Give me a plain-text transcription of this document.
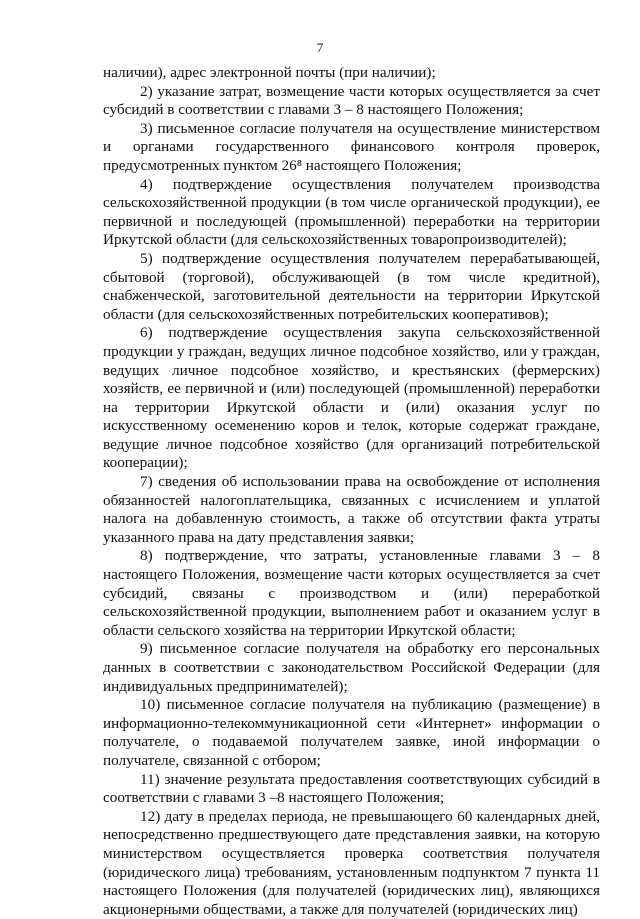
7

наличии), адрес электронной почты (при наличии);

2) указание затрат, возмещение части которых осуществляется за счет субсидий в соответствии с главами 3 – 8 настоящего Положения;

3) письменное согласие получателя на осуществление министерством и органами государственного финансового контроля проверок, предусмотренных пунктом 26⁸ настоящего Положения;

4) подтверждение осуществления получателем производства сельскохозяйственной продукции (в том числе органической продукции), ее первичной и последующей (промышленной) переработки на территории Иркутской области (для сельскохозяйственных товаропроизводителей);

5) подтверждение осуществления получателем перерабатывающей, сбытовой (торговой), обслуживающей (в том числе кредитной), снабженческой, заготовительной деятельности на территории Иркутской области (для сельскохозяйственных потребительских кооперативов);

6) подтверждение осуществления закупа сельскохозяйственной продукции у граждан, ведущих личное подсобное хозяйство, или у граждан, ведущих личное подсобное хозяйство, и крестьянских (фермерских) хозяйств, ее первичной и (или) последующей (промышленной) переработки на территории Иркутской области и (или) оказания услуг по искусственному осеменению коров и телок, которые содержат граждане, ведущие личное подсобное хозяйство (для организаций потребительской кооперации);

7) сведения об использовании права на освобождение от исполнения обязанностей налогоплательщика, связанных с исчислением и уплатой налога на добавленную стоимость, а также об отсутствии факта утраты указанного права на дату представления заявки;

8) подтверждение, что затраты, установленные главами 3 – 8 настоящего Положения, возмещение части которых осуществляется за счет субсидий, связаны с производством и (или) переработкой сельскохозяйственной продукции, выполнением работ и оказанием услуг в области сельского хозяйства на территории Иркутской области;

9) письменное согласие получателя на обработку его персональных данных в соответствии с законодательством Российской Федерации (для индивидуальных предпринимателей);

10) письменное согласие получателя на публикацию (размещение) в информационно-телекоммуникационной сети «Интернет» информации о получателе, о подаваемой получателем заявке, иной информации о получателе, связанной с отбором;

11) значение результата предоставления соответствующих субсидий в соответствии с главами 3 –8 настоящего Положения;

12) дату в пределах периода, не превышающего 60 календарных дней, непосредственно предшествующего дате представления заявки, на которую министерством осуществляется проверка соответствия получателя (юридического лица) требованиям, установленным подпунктом 7 пункта 11 настоящего Положения (для получателей (юридических лиц), являющихся акционерными обществами, а также для получателей (юридических лиц)
